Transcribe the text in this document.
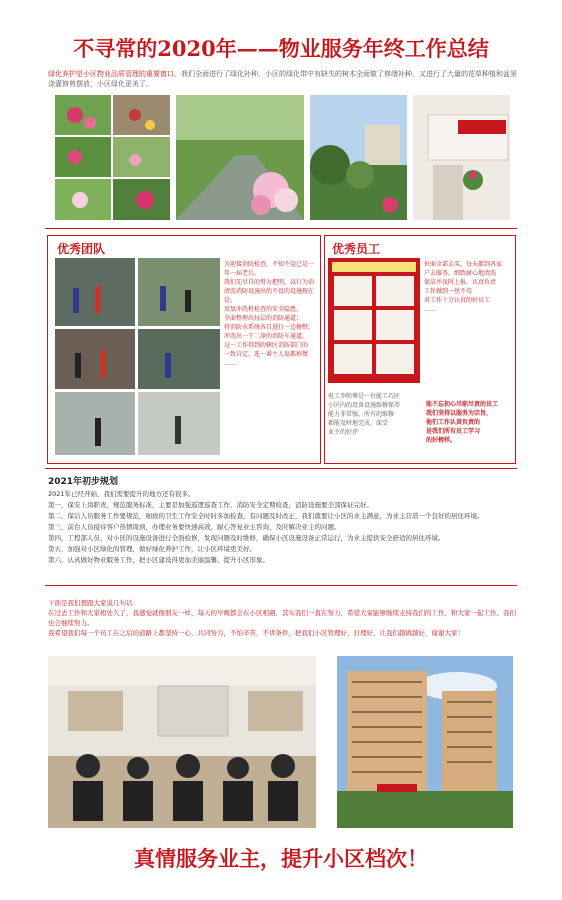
不寻常的2020年——物业服务年终工作总结
绿化养护是小区物业品质管理的重要窗口。我们全面进行了绿化补种，小区的绿化带中有缺失的树木全面做了修缮补种，又进行了大量的花草种植和盆景浇灌修剪摆放，小区绿化更美了。
优秀团队
为迎接消防检查，不知不觉已是一年一届老兵。
我们先尽自的努力把明，以行为消清洗消防设施出的不设的设施现在是。
反复冲洗机检查的安全隐患，
全面整理出每层的消防通道；
将消防水系统各自进行一边修整，
冲洗出一干二净的消防车通道。
这一工作得到的辖区消防部门的
一致肯定，连一番主人翁都称赞
……
优秀员工
外面全部去买，每天都到各家
户去服务，细致耐心地清洗
保洁并及时上报，认真负责
工作做到一丝不苟
对工作十分认真的好员工
……
电工李师傅是一位能工巧匠
小区内的设备设施维修保养
能力非常强，所有的维修
都能及时地完成，深受
业主的好评
能不忘初心尽职尽责的员工
我们坚持以服务为宗旨，
他们工作认真负责的
是我们所有员工学习
的好榜样。
2021年初步规划
2021年已经开始，我们需要提升的地方还有很多。
第一，保安上岗职责，规范服务标准，主要是加强巡逻巡查工作，消防安全定期检查，消防设施要全部保证完好。
第二，保洁人员服务工作要规范，细致的卫生工作安全时时多加检查，有问题及时改正，我们就要让小区的业主满意，为业主营造一个良好的居住环境。
第三，前台人员接待客户热情周到，办理业务要快速高效，耐心答复业主咨询，及时解决业主的问题。
第四，工程部人员，对小区的设施设备进行全面检修，发现问题及时维修，确保小区设施设备正常运行，为业主提供安全舒适的居住环境。
第五，加强对小区绿化的管理，做好绿化养护工作，让小区环境更美好。
第六，认真做好物业服务工作，把小区建设得更加美丽温馨，提升小区形象。
下面是我们想跟大家说几句话：
在过去工作和大家相处久了，我感觉就像朋友一样，每天的早晚都会在小区相遇，其实我们一直在努力，希望大家能够继续支持我们的工作，和大家一起工作。我们也会继续努力。
我希望我们每一个员工在之后的道路上都坚持一心，共同努力，不怕辛苦，不讲条件，把我们小区管理好，打理好，让我们越做越好，谢谢大家！
真情服务业主，提升小区档次！
